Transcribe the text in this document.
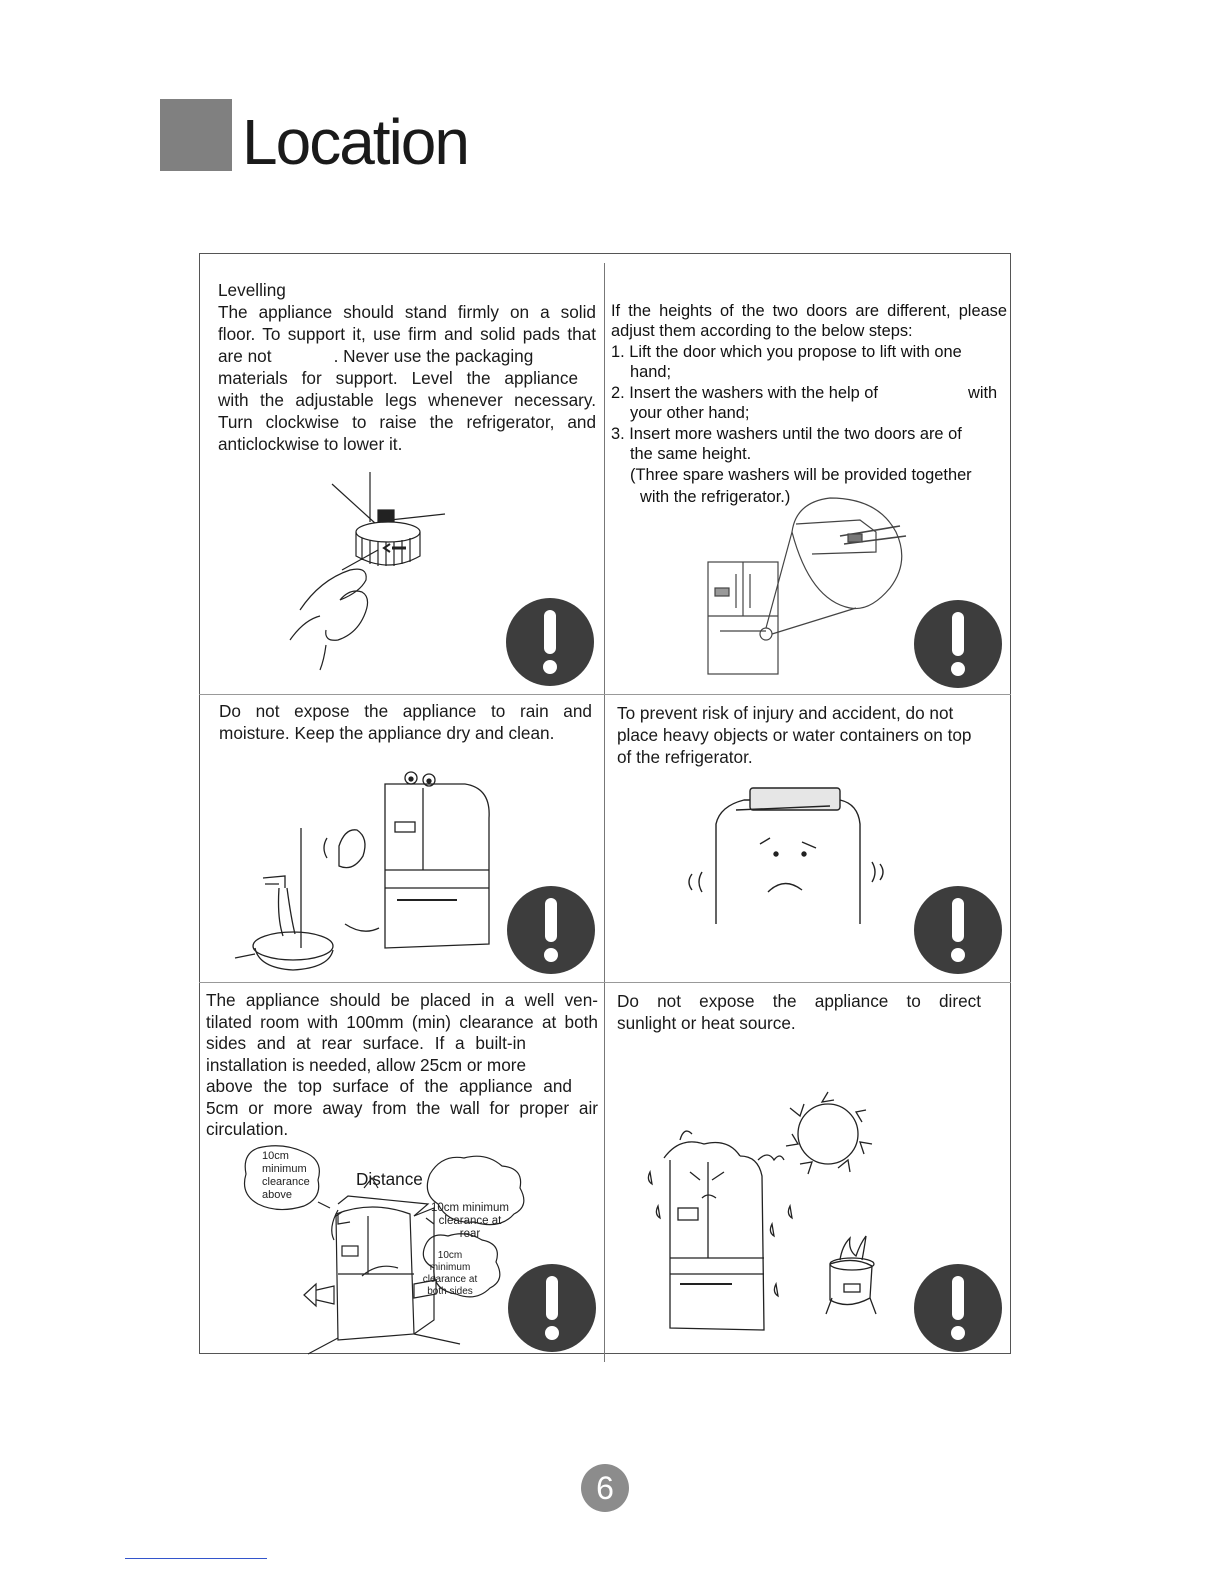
Location

Levelling

The appliance should stand firmly on a solid

floor. To support it, use firm and solid pads that

are not             . Never use the packaging

materials for support. Level the appliance

with the adjustable legs whenever necessary.

Turn clockwise to raise the refrigerator, and

anticlockwise to lower it.

If the heights of the two doors are different, please
adjust them according to the below steps:
1. Lift the door which you propose to lift with one
hand;
2. Insert the washers with the help of	with
your other hand;
3. Insert more washers until the two doors are of
the same height.
(Three spare washers will be provided together
with the refrigerator.)

Do not expose the appliance to rain and

moisture. Keep the appliance dry and clean.

To prevent risk of injury and accident, do not

place heavy objects or water containers on top

of the refrigerator.

The appliance should be placed in a well ven-

tilated room with 100mm (min) clearance at both

sides and at rear surface. If a built-in

installation is needed, allow 25cm or more

above the top surface of the appliance and

5cm or more away from the wall for proper air

circulation.

10cm
minimum
clearance
above
Distance
10cm minimum
clearance at
rear
10cm
minimum
clearance at
both sides

Do not expose the appliance to direct

sunlight or heat source.

6
